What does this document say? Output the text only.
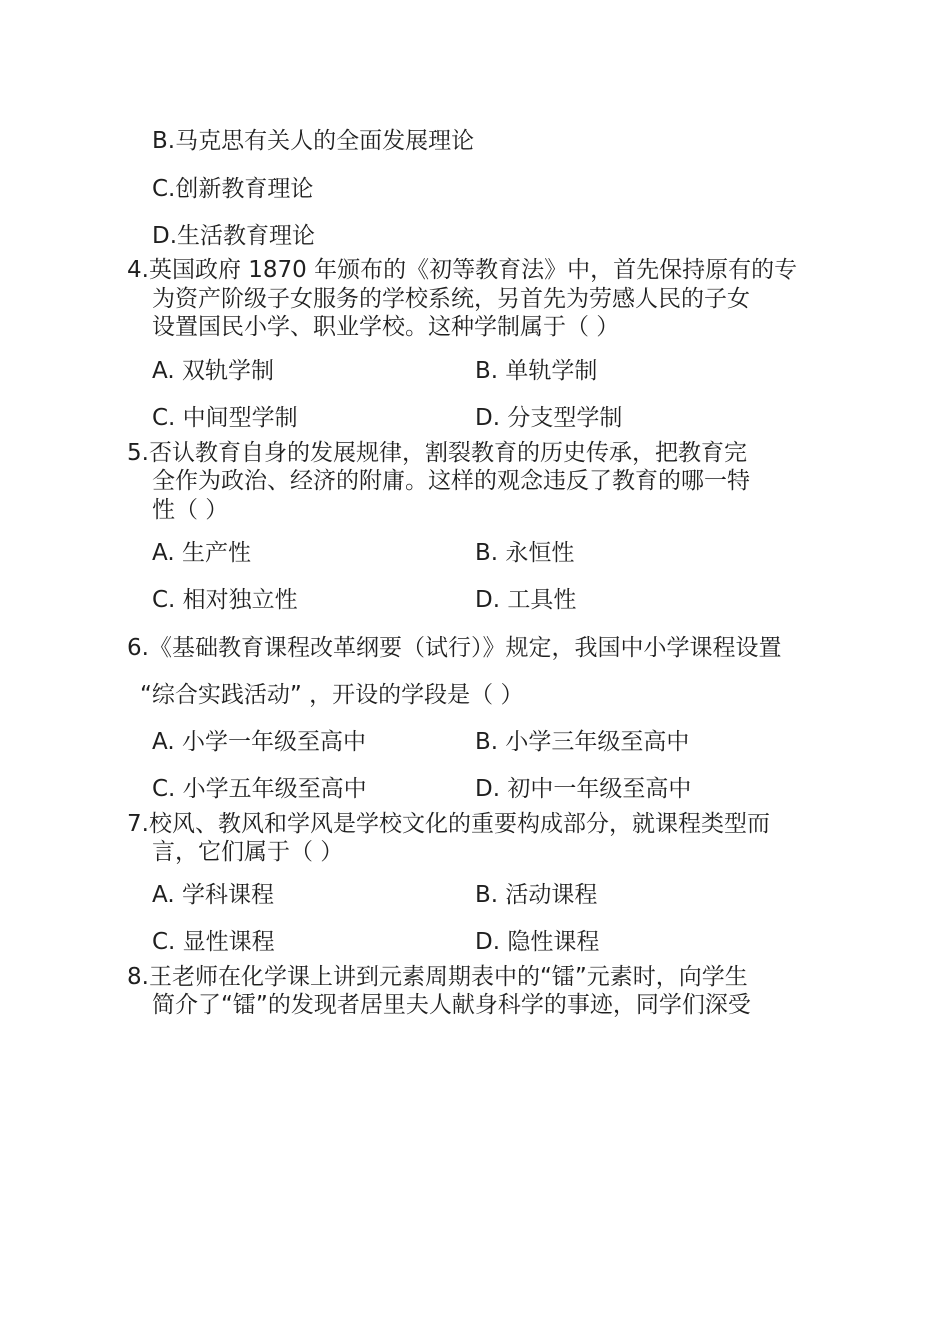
B.马克思有关人的全面发展理论
C.创新教育理论
D.生活教育理论
4.英国政府 1870 年颁布的《初等教育法》中，首先保持原有的专
为资产阶级子女服务的学校系统，另首先为劳感人民的子女
设置国民小学、职业学校。这种学制属于（ ）
A. 双轨学制	B. 单轨学制
C. 中间型学制	D. 分支型学制
5.否认教育自身的发展规律，割裂教育的历史传承，把教育完
全作为政治、经济的附庸。这样的观念违反了教育的哪一特
性（ ）
A. 生产性	B. 永恒性
C. 相对独立性	D. 工具性
6.《基础教育课程改革纲要（试行）》规定，我国中小学课程设置
“综合实践活动” ，开设的学段是（ ）
A. 小学一年级至高中	B. 小学三年级至高中
C. 小学五年级至高中	D. 初中一年级至高中
7.校风、教风和学风是学校文化的重要构成部分，就课程类型而
言，它们属于（ ）
A. 学科课程	B. 活动课程
C. 显性课程	D. 隐性课程
8.王老师在化学课上讲到元素周期表中的“镭”元素时，向学生
简介了“镭”的发现者居里夫人献身科学的事迹，同学们深受
